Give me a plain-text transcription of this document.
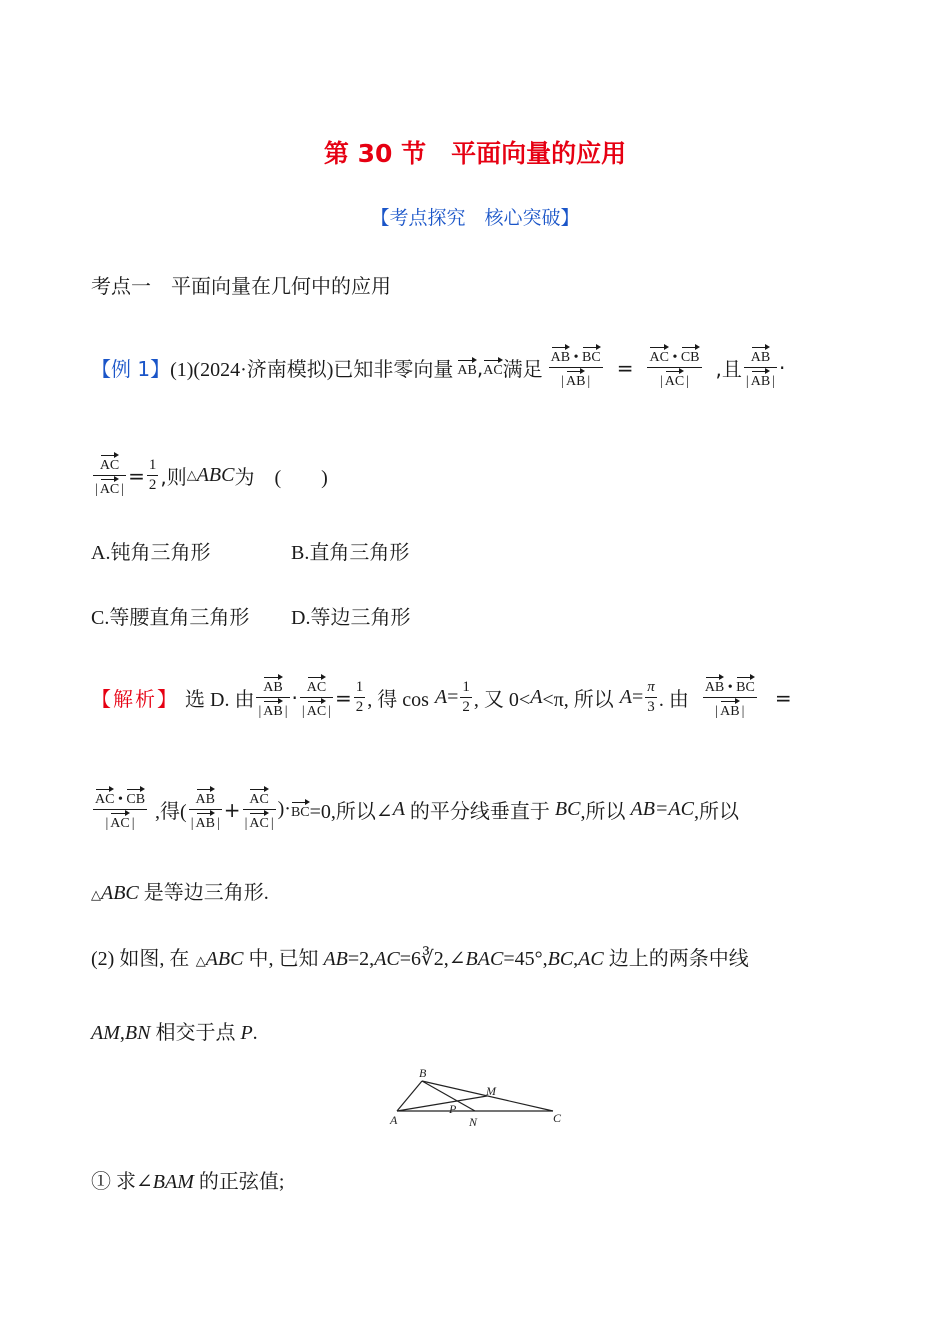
第 30 节　平面向量的应用
【考点探究　核心突破】
考点一　平面向量在几何中的应用
【例 1】 (1)(2024·济南模拟)已知非零向量 AB , AC 满足 $\frac{AB • BC}{| AB |} = \frac{AC • CB}{| AC |}$ ,且 $\frac{AB}{| AB |}$ ·
$\frac{AC}{| AC |} = \frac{1}{2}$ ,则 △ ABC 为 (　　)
A.钝角三角形	B.直角三角形
C.等腰直角三角形 D.等边三角形
【解析】 选 D. 由 $\frac{AB}{| AB |} \cdot \frac{AC}{| AC |} = \frac{1}{2}$ , 得 $\cos A = \frac{1}{2}$ , 又 0< A <π, 所以 $A = \frac{\pi}{3}$ . 由 $\frac{AB • BC}{| AB |}$ =
$\frac{AC • CB}{| AC |}$ ,得( $\frac{AB}{| AB |} + \frac{AC}{| AC |}$ )· BC =0,所以∠ A 的平分线垂直于 BC ,所以 AB=AC ,所以
△ABC 是等边三角形.
(2) 如图, 在 △ABC 中, 已知 AB=2,AC=6∛2,∠BAC=45°,BC,AC 边上的两条中线
AM,BN 相交于点 P.
B
M
P
A	N	C
① 求∠BAM 的正弦值;
